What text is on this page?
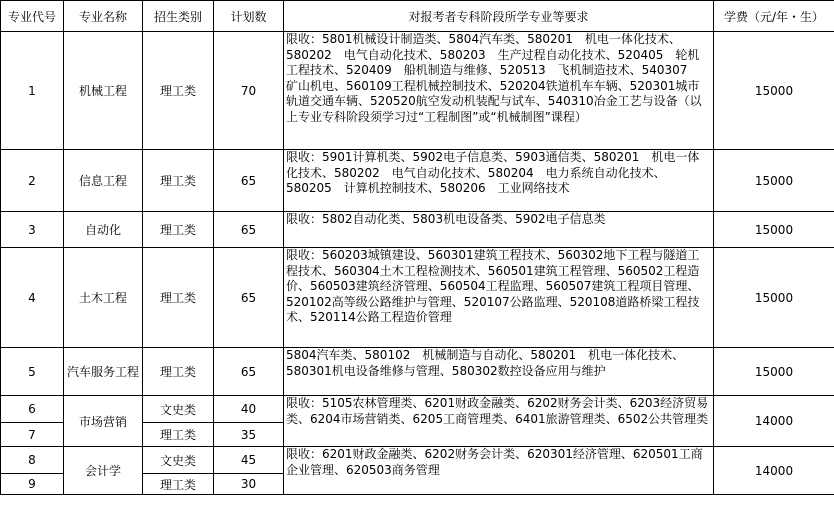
专业代号	专业名称	招生类别	计划数	对报考者专科阶段所学专业等要求	学费（元/年・生）
1	机械工程	理工类	70	限收：5801机械设计制造类、5804汽车类、580201　机电一体化技术、580202　电气自动化技术、580203　生产过程自动化技术、520405　轮机工程技术、520409　船机制造与维修、520513　飞机制造技术、540307　矿山机电、560109工程机械控制技术、520204铁道机车车辆、520301城市轨道交通车辆、520520航空发动机装配与试车、540310冶金工艺与设备（以上专业专科阶段须学习过“工程制图”或“机械制图”课程）	15000
2	信息工程	理工类	65	限收：5901计算机类、5902电子信息类、5903通信类、580201　机电一体化技术、580202　电气自动化技术、580204　电力系统自动化技术、580205　计算机控制技术、580206　工业网络技术	15000
3	自动化	理工类	65	限收：5802自动化类、5803机电设备类、5902电子信息类	15000
4	土木工程	理工类	65	限收：560203城镇建设、560301建筑工程技术、560302地下工程与隧道工程技术、560304土木工程检测技术、560501建筑工程管理、560502工程造价、560503建筑经济管理、560504工程监理、560507建筑工程项目管理、520102高等级公路维护与管理、520107公路监理、520108道路桥梁工程技术、520114公路工程造价管理	15000
5	汽车服务工程	理工类	65	5804汽车类、580102　机械制造与自动化、580201　机电一体化技术、580301机电设备维修与管理、580302数控设备应用与维护	15000
6	市场营销	文史类	40	限收：5105农林管理类、6201财政金融类、6202财务会计类、6203经济贸易类、6204市场营销类、6205工商管理类、6401旅游管理类、6502公共管理类	14000
7		理工类	35		
8	会计学	文史类	45	限收：6201财政金融类、6202财务会计类、620301经济管理、620501工商企业管理、620503商务管理	14000
9		理工类	30		
